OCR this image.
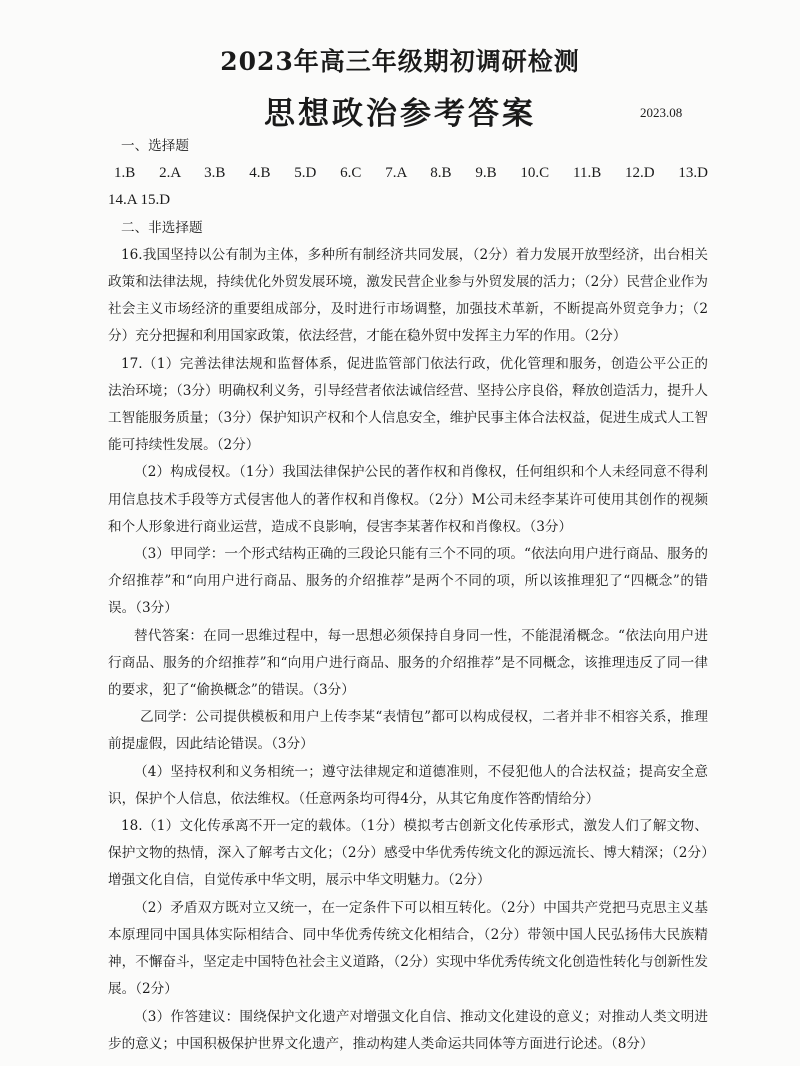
2023年高三年级期初调研检测
思想政治参考答案	2023.08

一、选择题

1.B 2.A 3.B 4.B 5.D 6.C 7.A 8.B 9.B 10.C 11.B 12.D 13.D

14.A 15.D

二、非选择题

16.我国坚持以公有制为主体，多种所有制经济共同发展，（2分）着力发展开放型经济，出台相关政策和法律法规，持续优化外贸发展环境，激发民营企业参与外贸发展的活力；（2分）民营企业作为社会主义市场经济的重要组成部分，及时进行市场调整，加强技术革新，不断提高外贸竞争力；（2分）充分把握和利用国家政策，依法经营，才能在稳外贸中发挥主力军的作用。（2分）

17.（1）完善法律法规和监督体系，促进监管部门依法行政，优化管理和服务，创造公平公正的法治环境；（3分）明确权利义务，引导经营者依法诚信经营、坚持公序良俗，释放创造活力，提升人工智能服务质量；（3分）保护知识产权和个人信息安全，维护民事主体合法权益，促进生成式人工智能可持续性发展。（2分）

（2）构成侵权。（1分）我国法律保护公民的著作权和肖像权，任何组织和个人未经同意不得利用信息技术手段等方式侵害他人的著作权和肖像权。（2分）M公司未经李某许可使用其创作的视频和个人形象进行商业运营，造成不良影响，侵害李某著作权和肖像权。（3分）

（3）甲同学：一个形式结构正确的三段论只能有三个不同的项。“依法向用户进行商品、服务的介绍推荐”和“向用户进行商品、服务的介绍推荐”是两个不同的项，所以该推理犯了“四概念”的错误。（3分）

替代答案：在同一思维过程中，每一思想必须保持自身同一性，不能混淆概念。“依法向用户进行商品、服务的介绍推荐”和“向用户进行商品、服务的介绍推荐”是不同概念，该推理违反了同一律的要求，犯了“偷换概念”的错误。（3分）

乙同学：公司提供模板和用户上传李某“表情包”都可以构成侵权，二者并非不相容关系，推理前提虚假，因此结论错误。（3分）

（4）坚持权利和义务相统一；遵守法律规定和道德准则，不侵犯他人的合法权益；提高安全意识，保护个人信息，依法维权。（任意两条均可得4分，从其它角度作答酌情给分）

18.（1）文化传承离不开一定的载体。（1分）模拟考古创新文化传承形式，激发人们了解文物、保护文物的热情，深入了解考古文化；（2分）感受中华优秀传统文化的源远流长、博大精深；（2分）增强文化自信，自觉传承中华文明，展示中华文明魅力。（2分）

（2）矛盾双方既对立又统一，在一定条件下可以相互转化。（2分）中国共产党把马克思主义基本原理同中国具体实际相结合、同中华优秀传统文化相结合，（2分）带领中国人民弘扬伟大民族精神，不懈奋斗，坚定走中国特色社会主义道路，（2分）实现中华优秀传统文化创造性转化与创新性发展。（2分）

（3）作答建议：围绕保护文化遗产对增强文化自信、推动文化建设的意义；对推动人类文明进步的意义；中国积极保护世界文化遗产，推动构建人类命运共同体等方面进行论述。（8分）
